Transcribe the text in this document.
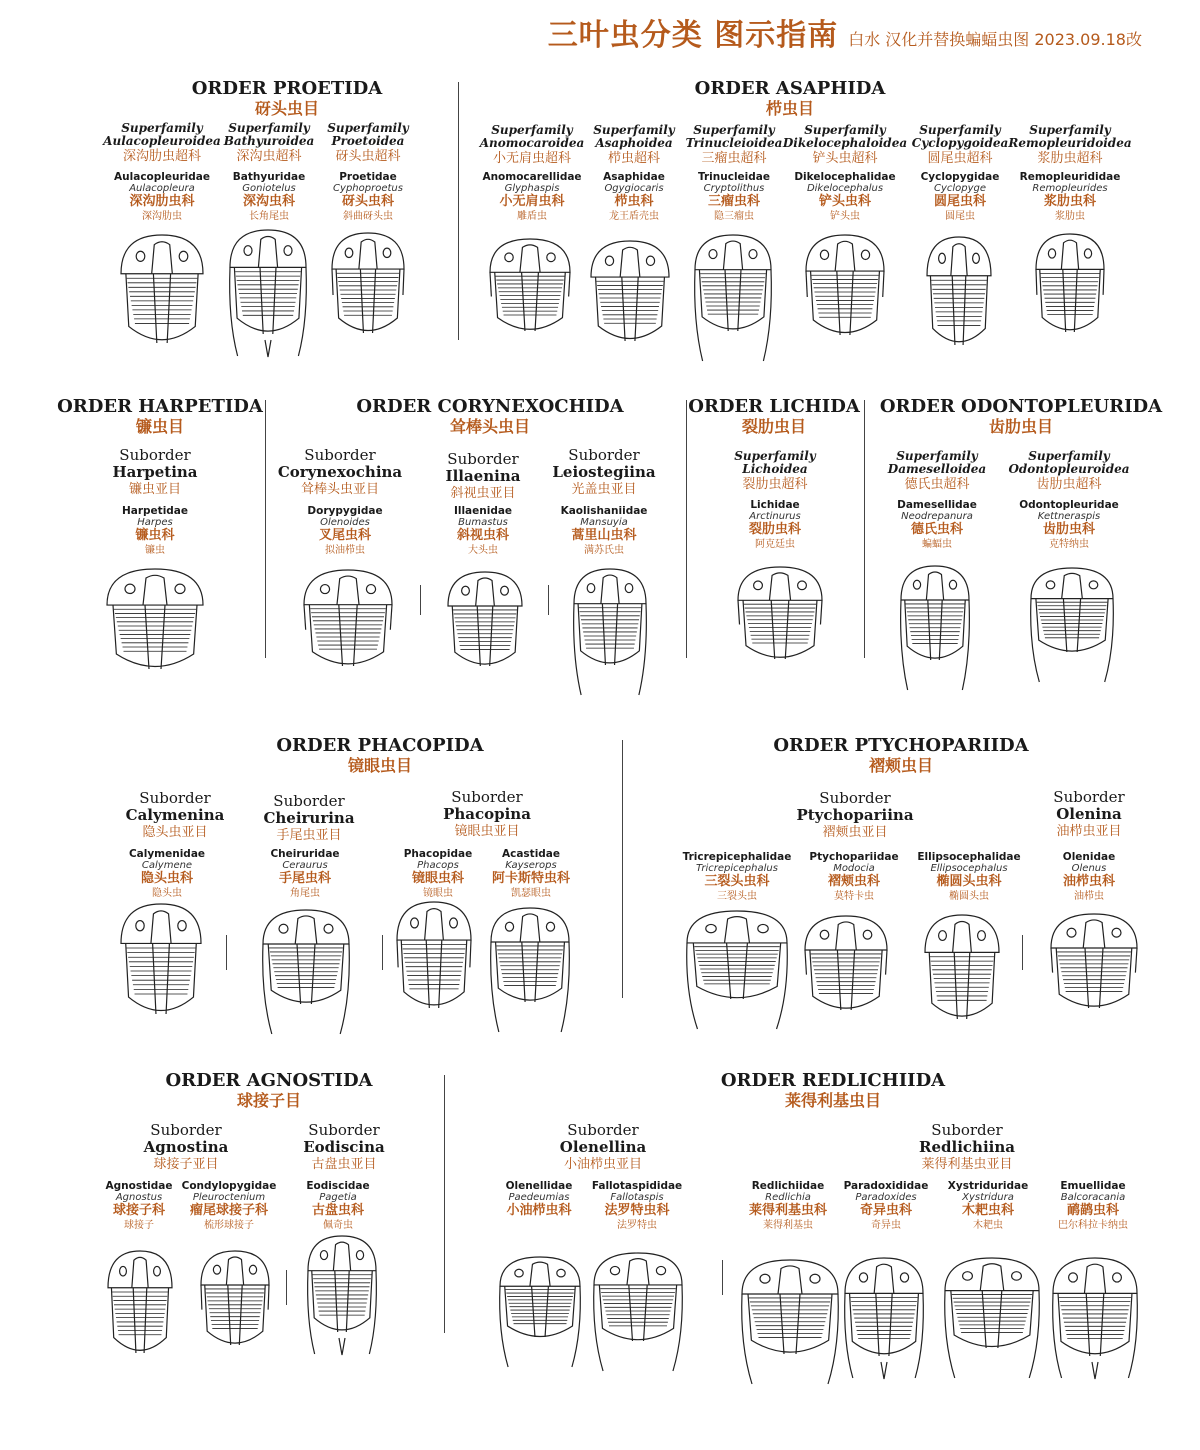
三叶虫分类 图示指南 白水 汉化并替换蝙蝠虫图 2023.09.18改
ORDER PROETIDA
砑头虫目
ORDER ASAPHIDA
栉虫目
ORDER HARPETIDA
镰虫目
ORDER CORYNEXOCHIDA
耸棒头虫目
ORDER LICHIDA
裂肋虫目
ORDER ODONTOPLEURIDA
齿肋虫目
ORDER PHACOPIDA
镜眼虫目
ORDER PTYCHOPARIIDA
褶颊虫目
ORDER AGNOSTIDA
球接子目
ORDER REDLICHIIDA
莱得利基虫目
Superfamily
Aulacopleuroidea
深沟肋虫超科
Superfamily
Bathyuroidea
深沟虫超科
Superfamily
Proetoidea
砑头虫超科
Superfamily
Anomocaroidea
小无肩虫超科
Superfamily
Asaphoidea
栉虫超科
Superfamily
Trinucleioidea
三瘤虫超科
Superfamily
Dikelocephaloidea
铲头虫超科
Superfamily
Cyclopygoidea
圆尾虫超科
Superfamily
Remopleuridoidea
浆肋虫超科
Suborder
Harpetina
镰虫亚目
Suborder
Corynexochina
耸棒头虫亚目
Suborder
Illaenina
斜视虫亚目
Suborder
Leiostegiina
光盖虫亚目
Superfamily
Lichoidea
裂肋虫超科
Superfamily
Dameselloidea
德氏虫超科
Superfamily
Odontopleuroidea
齿肋虫超科
Suborder
Calymenina
隐头虫亚目
Suborder
Cheirurina
手尾虫亚目
Suborder
Phacopina
镜眼虫亚目
Suborder
Ptychopariina
褶颊虫亚目
Suborder
Olenina
油栉虫亚目
Suborder
Agnostina
球接子亚目
Suborder
Eodiscina
古盘虫亚目
Suborder
Olenellina
小油栉虫亚目
Suborder
Redlichiina
莱得利基虫亚目
Aulacopleuridae
Aulacopleura
深沟肋虫科
深沟肋虫
Bathyuridae
Goniotelus
深沟虫科
长角尾虫
Proetidae
Cyphoproetus
砑头虫科
斜曲砑头虫
Anomocarellidae
Glyphaspis
小无肩虫科
雕盾虫
Asaphidae
Ogygiocaris
栉虫科
龙王盾壳虫
Trinucleidae
Cryptolithus
三瘤虫科
隐三瘤虫
Dikelocephalidae
Dikelocephalus
铲头虫科
铲头虫
Cyclopygidae
Cyclopyge
圆尾虫科
圆尾虫
Remopleurididae
Remopleurides
浆肋虫科
浆肋虫
Harpetidae
Harpes
镰虫科
镰虫
Dorypygidae
Olenoides
叉尾虫科
拟油栉虫
Illaenidae
Bumastus
斜视虫科
大头虫
Kaolishaniidae
Mansuyia
蒿里山虫科
满苏氏虫
Lichidae
Arctinurus
裂肋虫科
阿克廷虫
Damesellidae
Neodrepanura
德氏虫科
蝙蝠虫
Odontopleuridae
Kettneraspis
齿肋虫科
克特纳虫
Calymenidae
Calymene
隐头虫科
隐头虫
Cheiruridae
Ceraurus
手尾虫科
角尾虫
Phacopidae
Phacops
镜眼虫科
镜眼虫
Acastidae
Kayserops
阿卡斯特虫科
凯瑟眼虫
Tricrepicephalidae
Tricrepicephalus
三裂头虫科
三裂头虫
Ptychopariidae
Modocia
褶颊虫科
莫特卡虫
Ellipsocephalidae
Ellipsocephalus
椭圆头虫科
椭圆头虫
Olenidae
Olenus
油栉虫科
油栉虫
Agnostidae
Agnostus
球接子科
球接子
Condylopygidae
Pleuroctenium
瘤尾球接子科
梳形球接子
Eodiscidae
Pagetia
古盘虫科
佩奇虫
Olenellidae
Paedeumias
小油栉虫科
Fallotaspididae
Fallotaspis
法罗特虫科
法罗特虫
Redlichiidae
Redlichia
莱得利基虫科
莱得利基虫
Paradoxididae
Paradoxides
奇异虫科
奇异虫
Xystriduridae
Xystridura
木耙虫科
木耙虫
Emuellidae
Balcoracania
鸸鹋虫科
巴尔科拉卡纳虫
